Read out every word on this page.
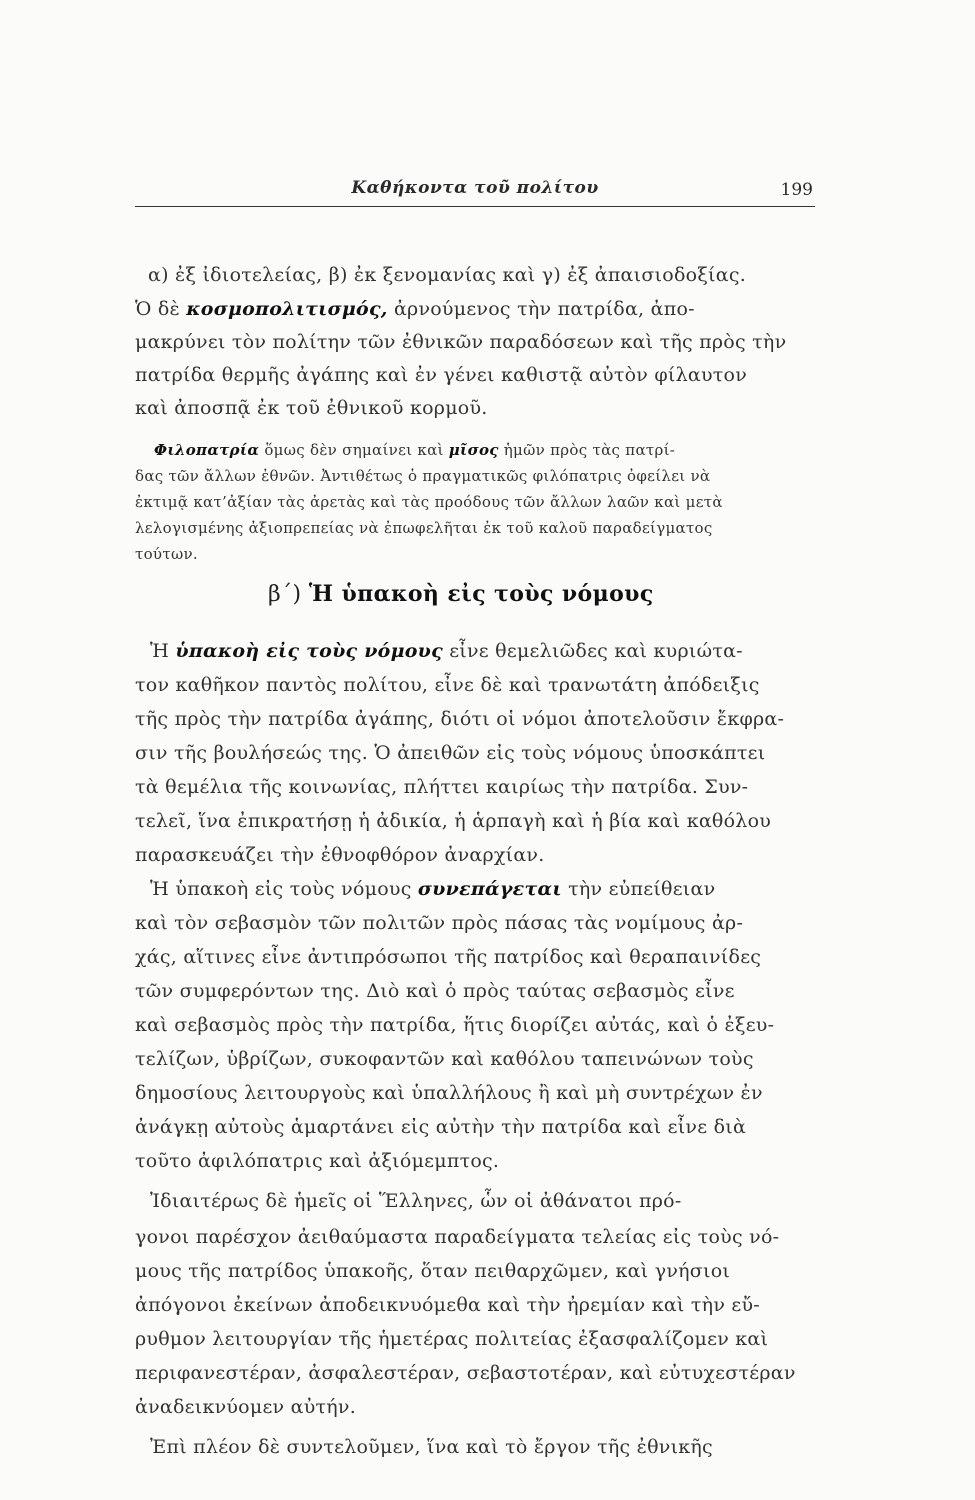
Καθήκοντα τοῦ πολίτου	199
α) ἐξ ἰδιοτελείας, β) ἐκ ξενομανίας καὶ γ) ἐξ ἀπαισιοδοξίας.
Ὁ δὲ κοσμοπολιτισμός, ἀρνούμενος τὴν πατρίδα, ἀπο-
μακρύνει τὸν πολίτην τῶν ἐθνικῶν παραδόσεων καὶ τῆς πρὸς τὴν
πατρίδα θερμῆς ἀγάπης καὶ ἐν γένει καθιστᾷ αὐτὸν φίλαυτον
καὶ ἀποσπᾷ ἐκ τοῦ ἐθνικοῦ κορμοῦ.
Φιλοπατρία ὅμως δὲν σημαίνει καὶ μῖσος ἡμῶν πρὸς τὰς πατρί-
δας τῶν ἄλλων ἐθνῶν. Ἀντιθέτως ὁ πραγματικῶς φιλόπατρις ὀφείλει νὰ
ἐκτιμᾷ κατ’ἀξίαν τὰς ἀρετὰς καὶ τὰς προόδους τῶν ἄλλων λαῶν καὶ μετὰ
λελογισμένης ἀξιοπρεπείας νὰ ἐπωφελῆται ἐκ τοῦ καλοῦ παραδείγματος
τούτων.
β΄) Ἡ ὑπακοὴ εἰς τοὺς νόμους
Ἡ ὑπακοὴ εἰς τοὺς νόμους εἶνε θεμελιῶδες καὶ κυριώτα-
τον καθῆκον παντὸς πολίτου, εἶνε δὲ καὶ τρανωτάτη ἀπόδειξις
τῆς πρὸς τὴν πατρίδα ἀγάπης, διότι οἱ νόμοι ἀποτελοῦσιν ἔκφρα-
σιν τῆς βουλήσεώς της. Ὁ ἀπειθῶν εἰς τοὺς νόμους ὑποσκάπτει
τὰ θεμέλια τῆς κοινωνίας, πλήττει καιρίως τὴν πατρίδα. Συν-
τελεῖ, ἵνα ἐπικρατήσῃ ἡ ἀδικία, ἡ ἁρπαγὴ καὶ ἡ βία καὶ καθόλου
παρασκευάζει τὴν ἐθνοφθόρον ἀναρχίαν.
Ἡ ὑπακοὴ εἰς τοὺς νόμους συνεπάγεται τὴν εὐπείθειαν
καὶ τὸν σεβασμὸν τῶν πολιτῶν πρὸς πάσας τὰς νομίμους ἀρ-
χάς, αἵτινες εἶνε ἀντιπρόσωποι τῆς πατρίδος καὶ θεραπαινίδες
τῶν συμφερόντων της. Διὸ καὶ ὁ πρὸς ταύτας σεβασμὸς εἶνε
καὶ σεβασμὸς πρὸς τὴν πατρίδα, ἥτις διορίζει αὐτάς, καὶ ὁ ἐξευ-
τελίζων, ὑβρίζων, συκοφαντῶν καὶ καθόλου ταπεινώνων τοὺς
δημοσίους λειτουργοὺς καὶ ὑπαλλήλους ἢ καὶ μὴ συντρέχων ἐν
ἀνάγκῃ αὐτοὺς ἁμαρτάνει εἰς αὐτὴν τὴν πατρίδα καὶ εἶνε διὰ
τοῦτο ἀφιλόπατρις καὶ ἀξιόμεμπτος.
Ἰδιαιτέρως δὲ ἡμεῖς οἱ Ἕλληνες, ὧν οἱ ἀθάνατοι πρό-
γονοι παρέσχον ἀειθαύμαστα παραδείγματα τελείας εἰς τοὺς νό-
μους τῆς πατρίδος ὑπακοῆς, ὅταν πειθαρχῶμεν, καὶ γνήσιοι
ἀπόγονοι ἐκείνων ἀποδεικνυόμεθα καὶ τὴν ἠρεμίαν καὶ τὴν εὔ-
ρυθμον λειτουργίαν τῆς ἡμετέρας πολιτείας ἐξασφαλίζομεν καὶ
περιφανεστέραν, ἀσφαλεστέραν, σεβαστοτέραν, καὶ εὐτυχεστέραν
ἀναδεικνύομεν αὐτήν.
Ἐπὶ πλέον δὲ συντελοῦμεν, ἵνα καὶ τὸ ἔργον τῆς ἐθνικῆς
